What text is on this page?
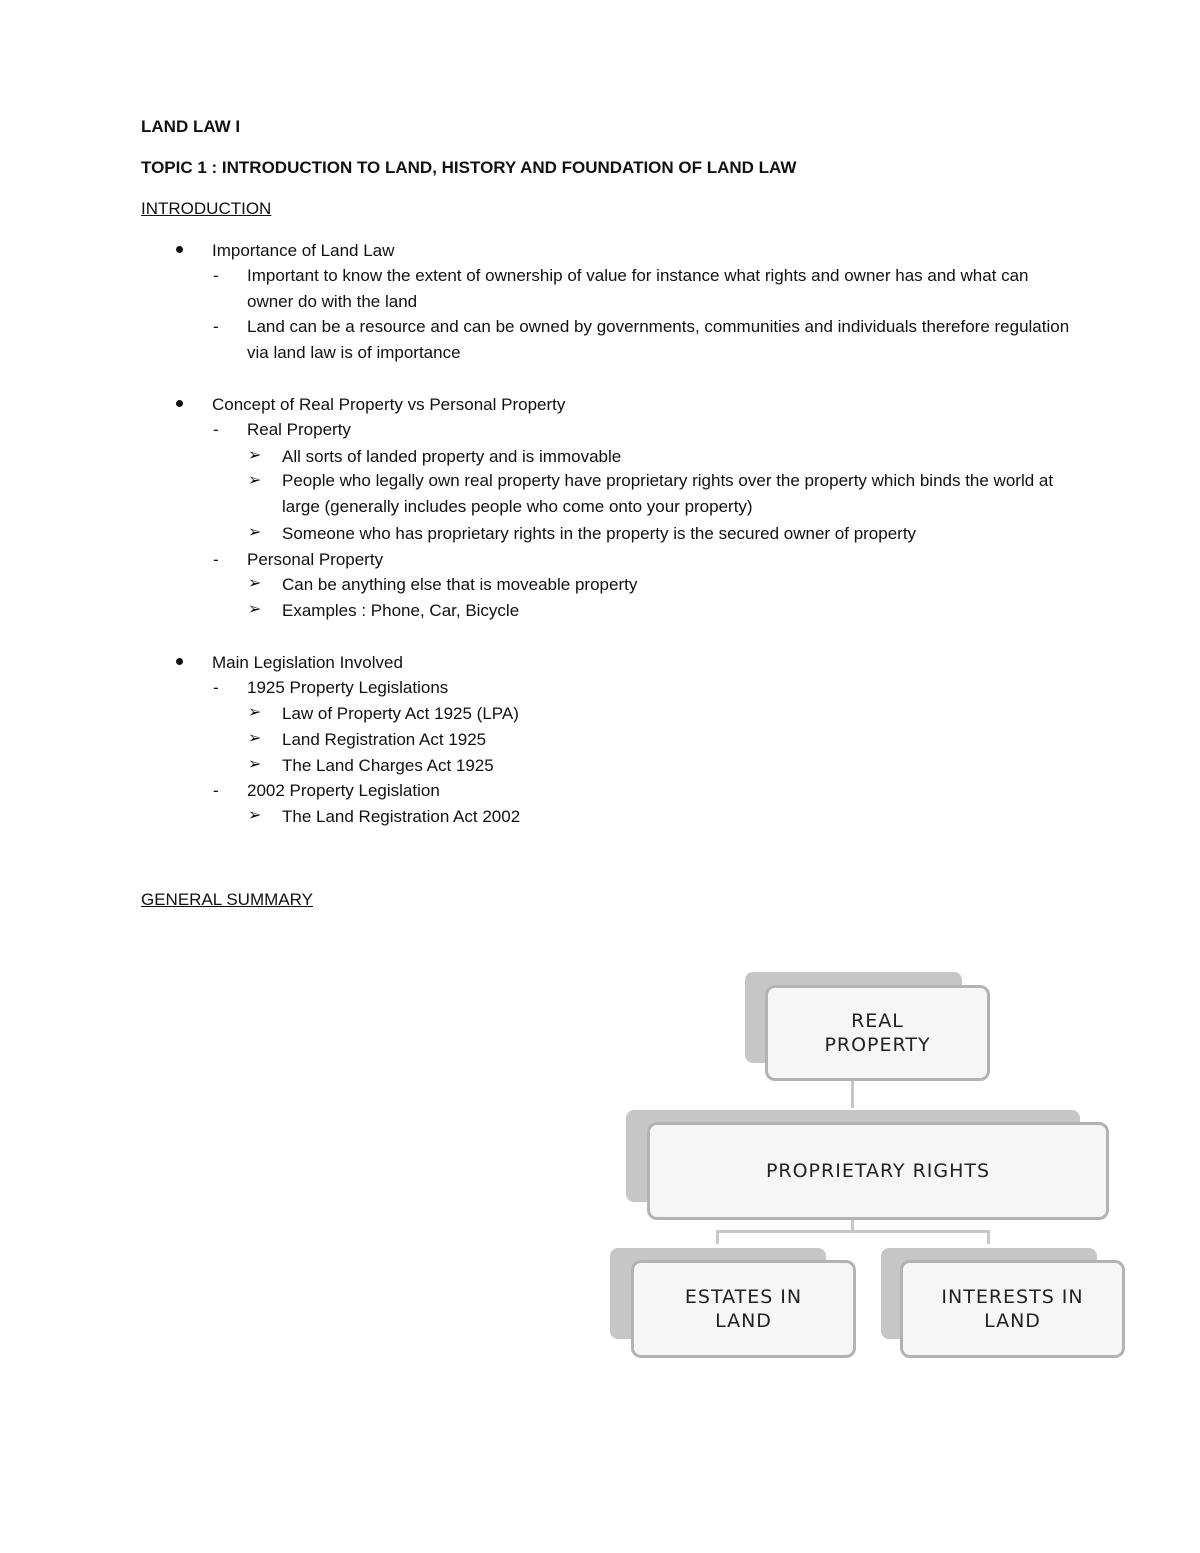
LAND LAW I
TOPIC 1 : INTRODUCTION TO LAND, HISTORY AND FOUNDATION OF LAND LAW
INTRODUCTION
Importance of Land Law
- Important to know the extent of ownership of value for instance what rights and owner has and what can owner do with the land
- Land can be a resource and can be owned by governments, communities and individuals therefore regulation via land law is of importance
Concept of Real Property vs Personal Property
- Real Property
➢ All sorts of landed property and is immovable
➢ People who legally own real property have proprietary rights over the property which binds the world at large (generally includes people who come onto your property)
➢ Someone who has proprietary rights in the property is the secured owner of property
- Personal Property
➢ Can be anything else that is moveable property
➢ Examples : Phone, Car, Bicycle
Main Legislation Involved
- 1925 Property Legislations
➢ Law of Property Act 1925 (LPA)
➢ Land Registration Act 1925
➢ The Land Charges Act 1925
- 2002 Property Legislation
➢ The Land Registration Act 2002
GENERAL SUMMARY
REAL
PROPERTY
PROPRIETARY RIGHTS
ESTATES IN
LAND
INTERESTS IN
LAND
